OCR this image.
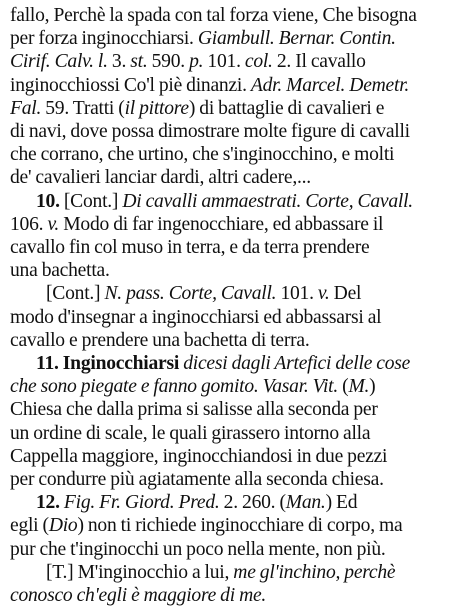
fallo, Perchè la spada con tal forza viene, Che bisogna
per forza inginocchiarsi. Giambull. Bernar. Contin.
Cirif. Calv. l. 3. st. 590. p. 101. col. 2. Il cavallo
inginocchiossi Co'l piè dinanzi. Adr. Marcel. Demetr.
Fal. 59. Tratti (il pittore) di battaglie di cavalieri e
di navi, dove possa dimostrare molte figure di cavalli
che corrano, che urtino, che s'inginocchino, e molti
de' cavalieri lanciar dardi, altri cadere,...
10. [Cont.] Di cavalli ammaestrati. Corte, Cavall.
106. v. Modo di far ingenocchiare, ed abbassare il
cavallo fin col muso in terra, e da terra prendere
una bachetta.
[Cont.] N. pass. Corte, Cavall. 101. v. Del
modo d'insegnar a inginocchiarsi ed abbassarsi al
cavallo e prendere una bachetta di terra.
11. Inginocchiarsi dicesi dagli Artefici delle cose
che sono piegate e fanno gomito. Vasar. Vit. (M.)
Chiesa che dalla prima si salisse alla seconda per
un ordine di scale, le quali girassero intorno alla
Cappella maggiore, inginocchiandosi in due pezzi
per condurre più agiatamente alla seconda chiesa.
12. Fig. Fr. Giord. Pred. 2. 260. (Man.) Ed
egli (Dio) non ti richiede inginocchiare di corpo, ma
pur che t'inginocchi un poco nella mente, non più.
[T.] M'inginocchio a lui, me gl'inchino, perchè
conosco ch'egli è maggiore di me.
